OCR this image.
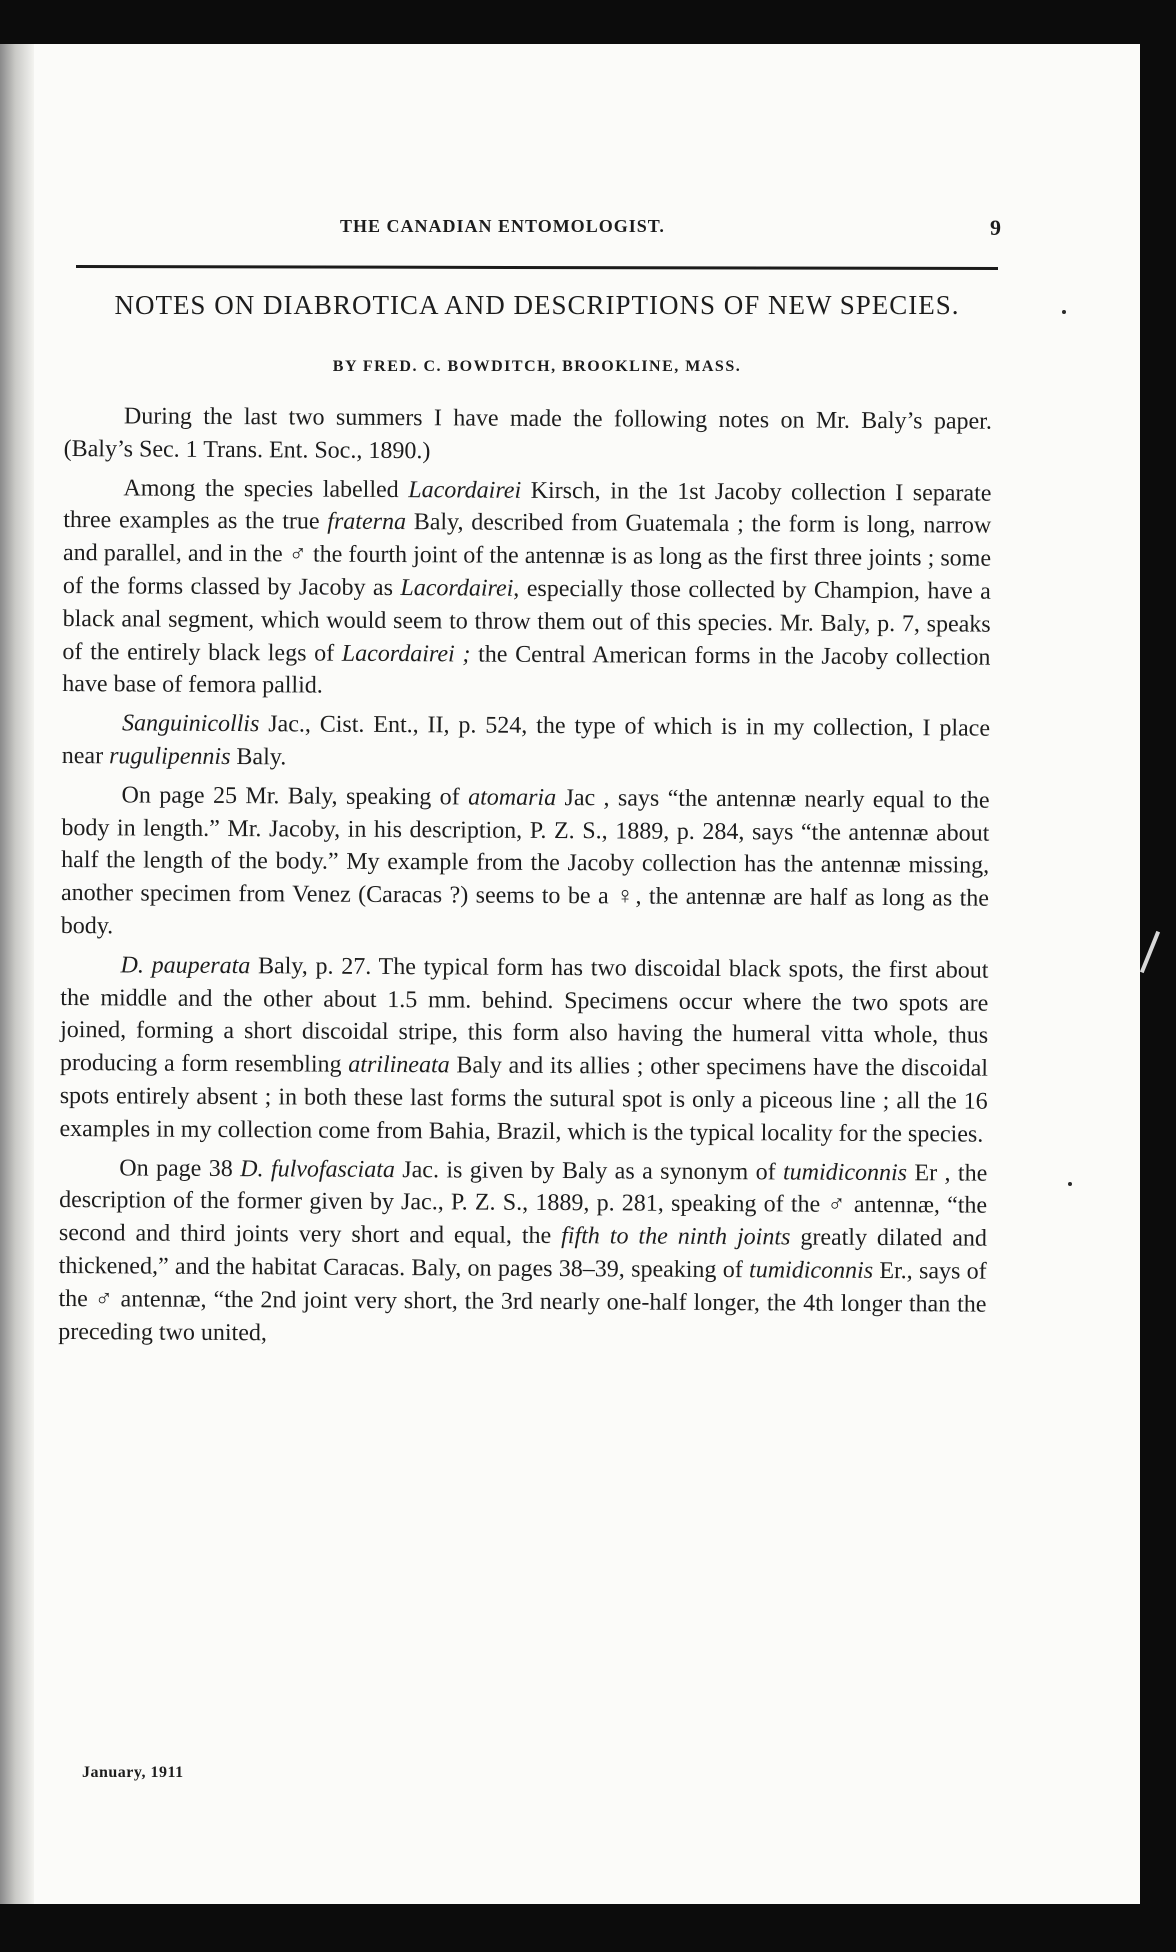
THE CANADIAN ENTOMOLOGIST.	9
NOTES ON DIABROTICA AND DESCRIPTIONS OF NEW SPECIES.
BY FRED. C. BOWDITCH, BROOKLINE, MASS.

During the last two summers I have made the following notes on Mr. Baly’s paper. (Baly’s Sec. 1 Trans. Ent. Soc., 1890.)

Among the species labelled Lacordairei Kirsch, in the 1st Jacoby collection I separate three examples as the true fraterna Baly, described from Guatemala ; the form is long, narrow and parallel, and in the ♂ the fourth joint of the antennæ is as long as the first three joints ; some of the forms classed by Jacoby as Lacordairei, especially those collected by Champion, have a black anal segment, which would seem to throw them out of this species. Mr. Baly, p. 7, speaks of the entirely black legs of Lacordairei ; the Central American forms in the Jacoby collection have base of femora pallid.

Sanguinicollis Jac., Cist. Ent., II, p. 524, the type of which is in my collection, I place near rugulipennis Baly.

On page 25 Mr. Baly, speaking of atomaria Jac , says “the antennæ nearly equal to the body in length.” Mr. Jacoby, in his description, P. Z. S., 1889, p. 284, says “the antennæ about half the length of the body.” My example from the Jacoby collection has the antennæ missing, another specimen from Venez (Caracas ?) seems to be a ♀, the antennæ are half as long as the body.

D. pauperata Baly, p. 27. The typical form has two discoidal black spots, the first about the middle and the other about 1.5 mm. behind. Specimens occur where the two spots are joined, forming a short discoidal stripe, this form also having the humeral vitta whole, thus producing a form resembling atrilineata Baly and its allies ; other specimens have the discoidal spots entirely absent ; in both these last forms the sutural spot is only a piceous line ; all the 16 examples in my collection come from Bahia, Brazil, which is the typical locality for the species.

On page 38 D. fulvofasciata Jac. is given by Baly as a synonym of tumidiconnis Er , the description of the former given by Jac., P. Z. S., 1889, p. 281, speaking of the ♂ antennæ, “the second and third joints very short and equal, the fifth to the ninth joints greatly dilated and thickened,” and the habitat Caracas. Baly, on pages 38–39, speaking of tumidiconnis Er., says of the ♂ antennæ, “the 2nd joint very short, the 3rd nearly one-half longer, the 4th longer than the preceding two united,

January, 1911
